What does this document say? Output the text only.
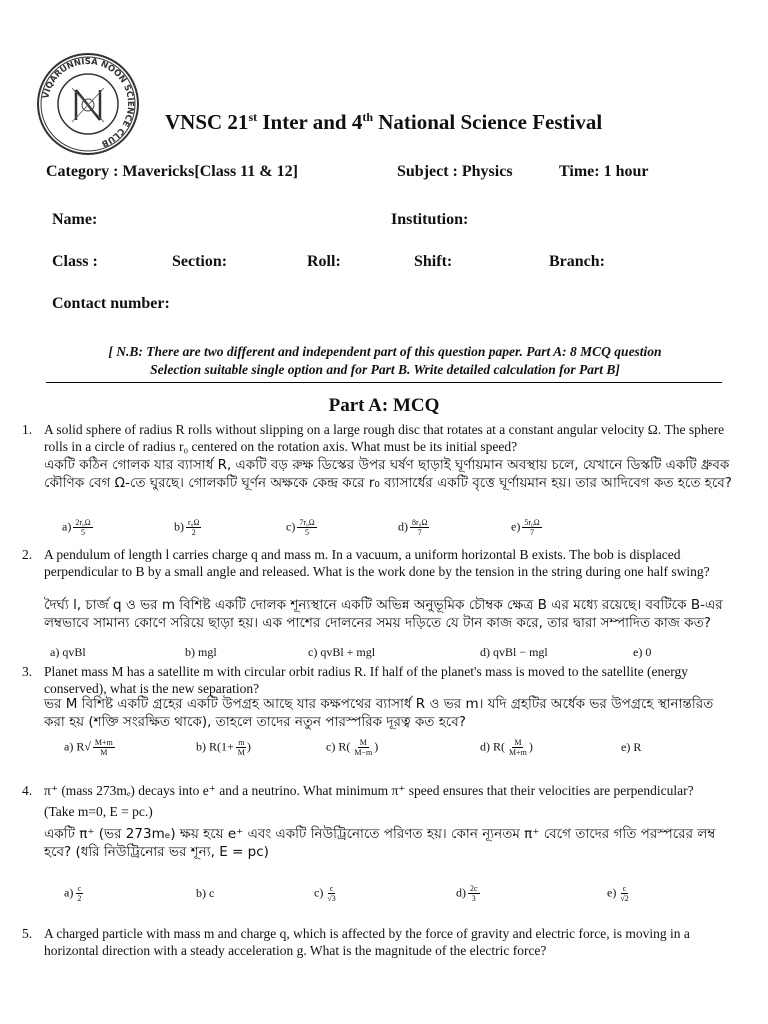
VIQARUNNISA NOON SCIENCE CLUB
VNSC 21st Inter and 4th National Science Festival
Category : Mavericks[Class 11 & 12]	Subject : Physics	Time: 1 hour
Name:	Institution:
Class :	Section:	Roll:	Shift:	Branch:
Contact number:
[ N.B: There are two different and independent part of this question paper. Part A: 8 MCQ question
Selection suitable single option and for Part B. Write detailed calculation for Part B]
Part A: MCQ
1. A solid sphere of radius R rolls without slipping on a large rough disc that rotates at a constant angular velocity Ω. The sphere rolls in a circle of radius r₀ centered on the rotation axis. What must be its initial speed?
একটি কঠিন গোলক যার ব্যাসার্ধ R, একটি বড় রুক্ষ ডিস্কের উপর ঘর্ষণ ছাড়াই ঘূর্ণায়মান অবস্থায় চলে, যেখানে ডিস্কটি একটি ধ্রুবক কৌণিক বেগ Ω-তে ঘুরছে। গোলকটি ঘূর্ণন অক্ষকে কেন্দ্র করে r₀ ব্যাসার্ধের একটি বৃত্তে ঘূর্ণায়মান হয়। তার আদিবেগ কত হতে হবে?
$a) \frac{\text{2r₀Ω}}{5}$	$b) \frac{\text{r₀Ω}}{2}$	$c) \frac{\text{7r₀Ω}}{5}$	$d) \frac{\text{8r₀Ω}}{7}$	$e) \frac{\text{5r₀Ω}}{7}$
2. A pendulum of length l carries charge q and mass m. In a vacuum, a uniform horizontal B exists. The bob is displaced perpendicular to B by a small angle and released. What is the work done by the tension in the string during one half swing?
দৈর্ঘ্য l, চার্জ q ও ভর m বিশিষ্ট একটি দোলক শূন্যস্থানে একটি অভিন্ন অনুভূমিক চৌম্বক ক্ষেত্র B এর মধ্যে রয়েছে। ববটিকে B-এর লম্বভাবে সামান্য কোণে সরিয়ে ছাড়া হয়। এক পাশের দোলনের সময় দড়িতে যে টান কাজ করে, তার দ্বারা সম্পাদিত কাজ কত?
a) qvBl	b) mgl	c) qvBl + mgl	d) qvBl − mgl	e) 0
3. Planet mass M has a satellite m with circular orbit radius R. If half of the planet's mass is moved to the satellite (energy conserved), what is the new separation?
ভর M বিশিষ্ট একটি গ্রহের একটি উপগ্রহ আছে যার কক্ষপথের ব্যাসার্ধ R ও ভর m। যদি গ্রহটির অর্ধেক ভর উপগ্রহে স্থানান্তরিত করা হয় (শক্তি সংরক্ষিত থাকে), তাহলে তাদের নতুন পারস্পরিক দূরত্ব কত হবে?
a) $R√ \frac{M+m}{M}$	b) $R(1+ \frac{m}{M}$ )	c) $R( \frac{M}{M-m}$ )	d) $R( \frac{M}{M+m}$ )	e) R
4. π⁺ (mass 273mₑ) decays into e⁺ and a neutrino. What minimum π⁺ speed ensures that their velocities are perpendicular?
(Take m=0, E = pc.)
একটি π⁺ (ভর 273mₑ) ক্ষয় হয়ে e⁺ এবং একটি নিউট্রিনোতে পরিণত হয়। কোন ন্যূনতম π⁺ বেগে তাদের গতি পরস্পরের লম্ব হবে? (ধরি নিউট্রিনোর ভর শূন্য, E = pc)
$a) \frac{c}{2}$	b) c	$c) \frac{c}{√3}$	$d) \frac{2c}{3}$	$e) \frac{c}{√2}$
5. A charged particle with mass m and charge q, which is affected by the force of gravity and electric force, is moving in a horizontal direction with a steady acceleration g. What is the magnitude of the electric force?
